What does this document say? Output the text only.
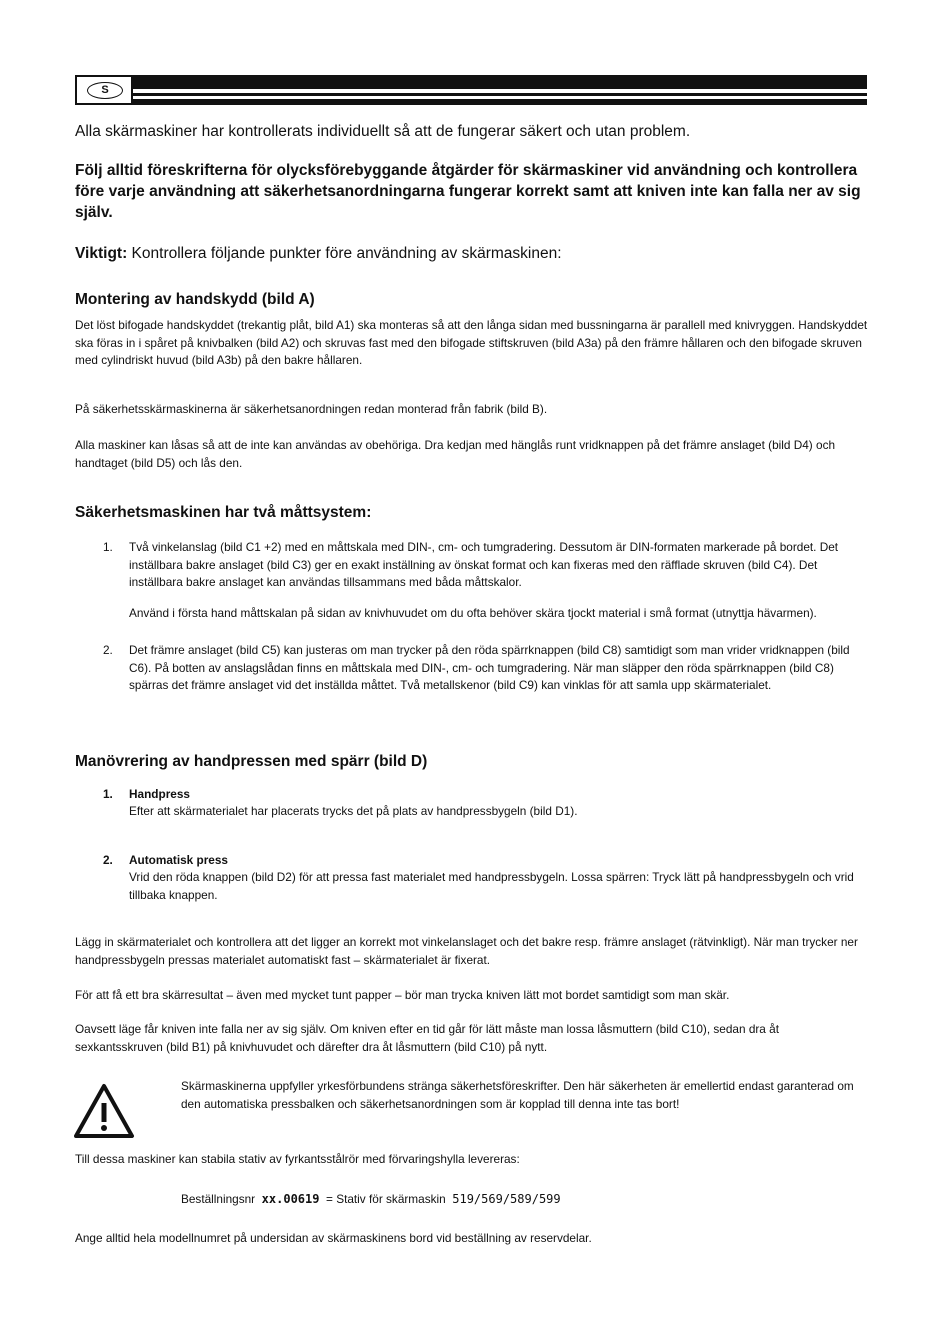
S
Alla skärmaskiner har kontrollerats individuellt så att de fungerar säkert och utan problem.
Följ alltid föreskrifterna för olycksförebyggande åtgärder för skärmaskiner vid användning och kontrollera före varje användning att säkerhetsanordningarna fungerar korrekt samt att kniven inte kan falla ner av sig själv.
Viktigt: Kontrollera följande punkter före användning av skärmaskinen:
Montering av handskydd (bild A)
Det löst bifogade handskyddet (trekantig plåt, bild A1) ska monteras så att den långa sidan med bussningarna är parallell med knivryggen. Handskyddet ska föras in i spåret på knivbalken (bild A2) och skruvas fast med den bifogade stiftskruven (bild A3a) på den främre hållaren och den bifogade skruven med cylindriskt huvud (bild A3b) på den bakre hållaren.
På säkerhetsskärmaskinerna är säkerhetsanordningen redan monterad från fabrik (bild B).
Alla maskiner kan låsas så att de inte kan användas av obehöriga. Dra kedjan med hänglås runt vridknappen på det främre anslaget (bild D4) och handtaget (bild D5) och lås den.
Säkerhetsmaskinen har två måttsystem:
1. Två vinkelanslag (bild C1 +2) med en måttskala med DIN-, cm- och tumgradering. Dessutom är DIN-formaten markerade på bordet. Det inställbara bakre anslaget (bild C3) ger en exakt inställning av önskat format och kan fixeras med den räfflade skruven (bild C4). Det inställbara bakre anslaget kan användas tillsammans med båda måttskalor.
Använd i första hand måttskalan på sidan av knivhuvudet om du ofta behöver skära tjockt material i små format (utnyttja hävarmen).
2. Det främre anslaget (bild C5) kan justeras om man trycker på den röda spärrknappen (bild C8) samtidigt som man vrider vridknappen (bild C6). På botten av anslagslådan finns en måttskala med DIN-, cm- och tumgradering. När man släpper den röda spärrknappen (bild C8) spärras det främre anslaget vid det inställda måttet. Två metallskenor (bild C9) kan vinklas för att samla upp skärmaterialet.
Manövrering av handpressen med spärr (bild D)
1. Handpress
Efter att skärmaterialet har placerats trycks det på plats av handpressbygeln (bild D1).
2. Automatisk press
Vrid den röda knappen (bild D2) för att pressa fast materialet med handpressbygeln. Lossa spärren: Tryck lätt på handpressbygeln och vrid tillbaka knappen.
Lägg in skärmaterialet och kontrollera att det ligger an korrekt mot vinkelanslaget och det bakre resp. främre anslaget (rätvinkligt). När man trycker ner handpressbygeln pressas materialet automatiskt fast – skärmaterialet är fixerat.
För att få ett bra skärresultat – även med mycket tunt papper – bör man trycka kniven lätt mot bordet samtidigt som man skär.
Oavsett läge får kniven inte falla ner av sig själv. Om kniven efter en tid går för lätt måste man lossa låsmuttern (bild C10), sedan dra åt sexkantsskruven (bild B1) på knivhuvudet och därefter dra åt låsmuttern (bild C10) på nytt.
Skärmaskinerna uppfyller yrkesförbundens stränga säkerhetsföreskrifter. Den här säkerheten är emellertid endast garanterad om den automatiska pressbalken och säkerhetsanordningen som är kopplad till denna inte tas bort!
Till dessa maskiner kan stabila stativ av fyrkantsstålrör med förvaringshylla levereras:
Beställningsnr xx.00619 = Stativ för skärmaskin 519/569/589/599
Ange alltid hela modellnumret på undersidan av skärmaskinens bord vid beställning av reservdelar.
